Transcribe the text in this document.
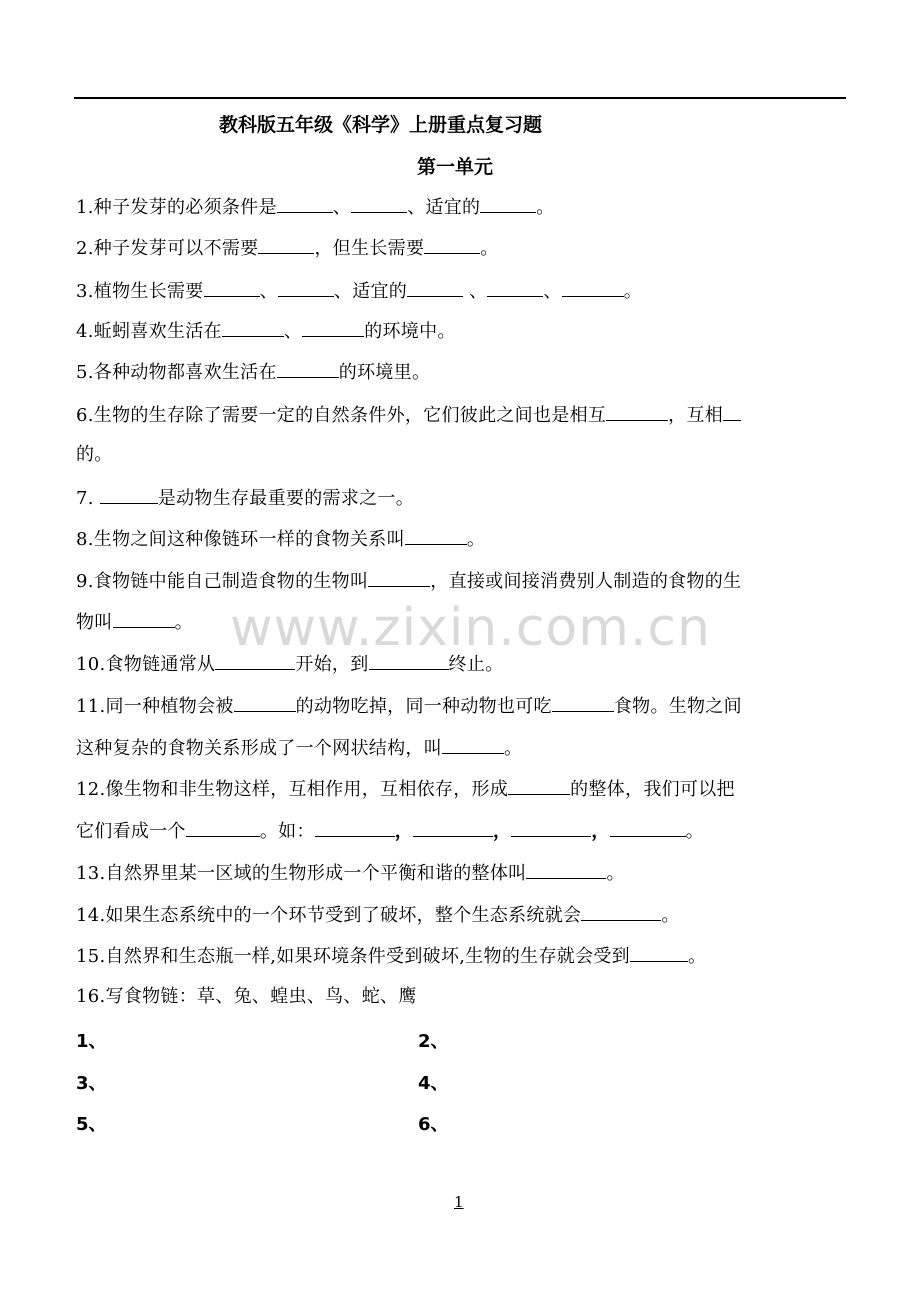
教科版五年级《科学》上册重点复习题
第一单元
www.zixin.com.cn
1.种子发芽的必须条件是	、	、适宜的	。
2.种子发芽可以不需要	，但生长需要	。
3.植物生长需要	、	、适宜的	、	、	。
4.蚯蚓喜欢生活在	、	的环境中。
5.各种动物都喜欢生活在	的环境里。
6.生物的生存除了需要一定的自然条件外，它们彼此之间也是相互	，互相
的。
7.	是动物生存最重要的需求之一。
8.生物之间这种像链环一样的食物关系叫	。
9.食物链中能自己制造食物的生物叫	，直接或间接消费别人制造的食物的生
物叫	。
10.食物链通常从	开始，到	终止。
11.同一种植物会被	的动物吃掉，同一种动物也可吃	食物。生物之间
这种复杂的食物关系形成了一个网状结构，叫	。
12.像生物和非生物这样，互相作用，互相依存，形成	的整体，我们可以把
它们看成一个	。如：	，	，	，	。
13.自然界里某一区域的生物形成一个平衡和谐的整体叫	。
14.如果生态系统中的一个环节受到了破坏，整个生态系统就会	。
15.自然界和生态瓶一样,如果环境条件受到破坏,生物的生存就会受到	。
16.写食物链：草、兔、蝗虫、鸟、蛇、鹰
1、	2、
3、	4、
5、	6、
1
